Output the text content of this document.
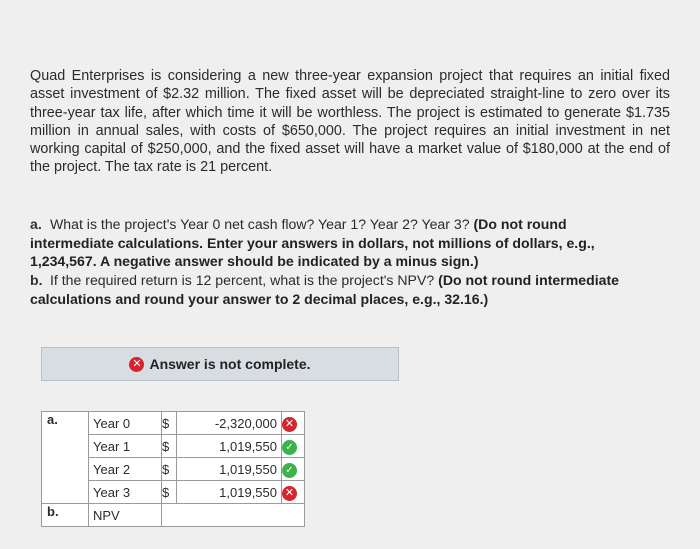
Quad Enterprises is considering a new three-year expansion project that requires an initial fixed asset investment of $2.32 million. The fixed asset will be depreciated straight-line to zero over its three-year tax life, after which time it will be worthless. The project is estimated to generate $1.735 million in annual sales, with costs of $650,000. The project requires an initial investment in net working capital of $250,000, and the fixed asset will have a market value of $180,000 at the end of the project. The tax rate is 21 percent.
a. What is the project's Year 0 net cash flow? Year 1? Year 2? Year 3? (Do not round intermediate calculations. Enter your answers in dollars, not millions of dollars, e.g., 1,234,567. A negative answer should be indicated by a minus sign.)
b. If the required return is 12 percent, what is the project's NPV? (Do not round intermediate calculations and round your answer to 2 decimal places, e.g., 32.16.)
✕ Answer is not complete.
a.	Year 0	$	-2,320,000	✕
	Year 1	$	1,019,550	✓
	Year 2	$	1,019,550	✓
	Year 3	$	1,019,550	✕
b.	NPV			
